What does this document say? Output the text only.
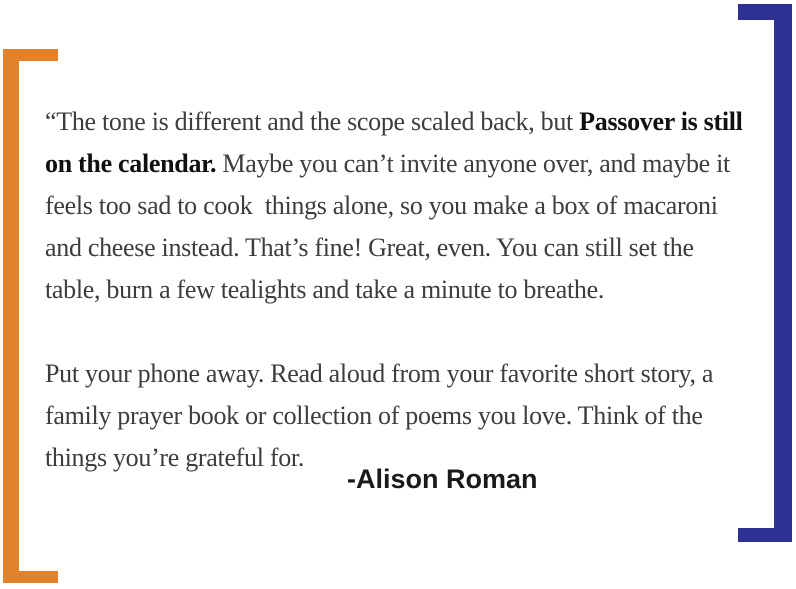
“The tone is different and the scope scaled back, but Passover is still
on the calendar. Maybe you can’t invite anyone over, and maybe it
feels too sad to cook  things alone, so you make a box of macaroni
and cheese instead. That’s fine! Great, even. You can still set the
table, burn a few tealights and take a minute to breathe.

Put your phone away. Read aloud from your favorite short story, a
family prayer book or collection of poems you love. Think of the
things you’re grateful for.

-Alison Roman
